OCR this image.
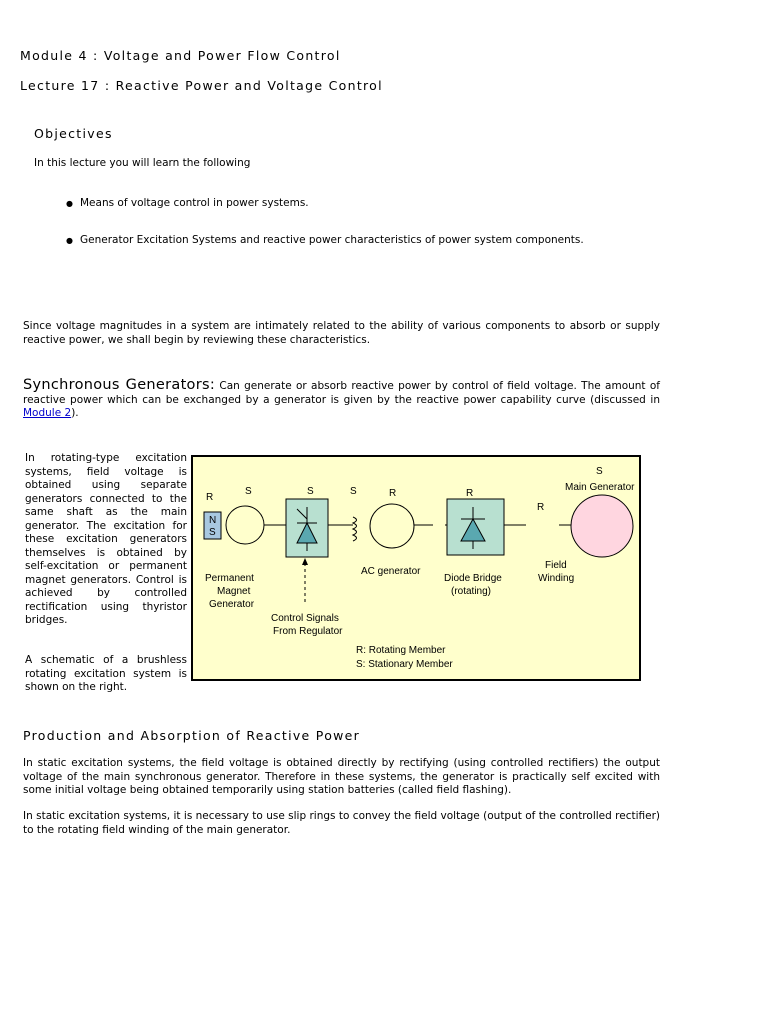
Module 4 : Voltage and Power Flow Control
Lecture 17 : Reactive Power and Voltage Control
Objectives
In this lecture you will learn the following
● Means of voltage control in power systems.
● Generator Excitation Systems and reactive power characteristics of power system components.
Since voltage magnitudes in a system are intimately related to the ability of various components to absorb or supply reactive power, we shall begin by reviewing these characteristics.
Synchronous Generators: Can generate or absorb reactive power by control of field voltage. The amount of reactive power which can be exchanged by a generator is given by the reactive power capability curve (discussed in Module 2).
In rotating-type excitation systems, field voltage is obtained using separate generators connected to the same shaft as the main generator. The excitation for these excitation generators themselves is obtained by self-excitation or permanent magnet generators. Control is achieved by controlled rectification using thyristor bridges.
A schematic of a brushless rotating excitation system is shown on the right.
N
S
R
S	S	S	R	R
R
S
Main Generator
AC generator
Permanent
Magnet
Generator
Diode Bridge
(rotating)
Field
Winding
Control Signals
From Regulator
R: Rotating Member
S: Stationary Member
Production and Absorption of Reactive Power
In static excitation systems, the field voltage is obtained directly by rectifying (using controlled rectifiers) the output voltage of the main synchronous generator. Therefore in these systems, the generator is practically self excited with some initial voltage being obtained temporarily using station batteries (called field flashing).
In static excitation systems, it is necessary to use slip rings to convey the field voltage (output of the controlled rectifier) to the rotating field winding of the main generator.
